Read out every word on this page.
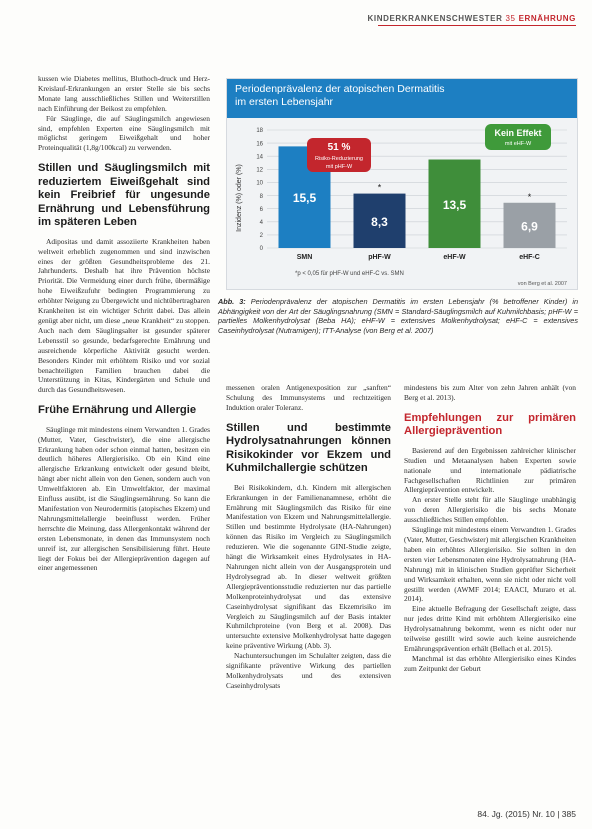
KINDERKRANKENSCHWESTER 35 ERNÄHRUNG

kussen wie Diabetes mellitus, Bluthoch-druck und Herz-Kreislauf-Erkrankungen an erster Stelle sie bis sechs Monate lang ausschließliches Stillen und Weiterstillen nach Einführung der Beikost zu empfehlen.

Für Säuglinge, die auf Säuglingsmilch angewiesen sind, empfehlen Experten eine Säuglingsmilch mit möglichst geringem Eiweißgehalt und hoher Proteinqualität (1,8g/100kcal) zu verwenden.

Stillen und Säuglingsmilch mit reduziertem Eiweißgehalt sind kein Freibrief für ungesunde Ernährung und Lebensführung im späteren Leben

Adipositas und damit assoziierte Krankheiten haben weltweit erheblich zugenommen und sind inzwischen eines der größten Gesundheitsprobleme des 21. Jahrhunderts. Deshalb hat ihre Prävention höchste Priorität. Die Vermeidung einer durch frühe, übermäßige hohe Eiweißzufuhr bedingten Programmierung zu erhöhter Neigung zu Übergewicht und nichtübertragbaren Krankheiten ist ein wichtiger Schritt dabei. Das allein genügt aber nicht, um diese „neue Krankheit“ zu stoppen. Auch nach dem Säuglingsalter ist gesunder späterer Lebensstil so gesunde, bedarfsgerechte Ernährung und ausreichende körperliche Aktivität gesucht werden. Besonders Kinder mit erhöhtem Risiko und vor sozial benachteiligten Familien brauchen dabei die Unterstützung in Kitas, Kindergärten und Schule und durch das Gesundheitswesen.

Frühe Ernährung und Allergie

Säuglinge mit mindestens einem Verwandten 1. Grades (Mutter, Vater, Geschwister), die eine allergische Erkrankung haben oder schon einmal hatten, besitzen ein deutlich höheres Allergierisiko. Ob ein Kind eine allergische Erkrankung entwickelt oder gesund bleibt, hängt aber nicht allein von den Genen, sondern auch von Umweltfaktoren ab. Ein Umweltfaktor, der maximal Einfluss ausübt, ist die Säuglingsernährung. So kann die Manifestation von Neurodermitis (atopisches Ekzem) und Nahrungsmittelallergie beeinflusst werden. Früher herrschte die Meinung, dass Allergenkontakt während der ersten Lebensmonate, in denen das Immunsystem noch unreif ist, zur allergischen Sensibilisierung führt. Heute liegt der Fokus bei der Allergieprävention dagegen auf einer angemessenen

Periodenprävalenz der atopischen Dermatitis
im ersten Lebensjahr
Inzidenz (%) oder (%)
0
2
4
6
8
10
12
14
16
18
15,5
8,3
*
13,5
6,9
*
SMN	pHF-W	eHF-W	eHF-C
51 %
Risiko-Reduzierung
mit pHF-W
Kein Effekt
mit eHF-W
*p < 0,05 für pHF-W und eHF-C vs. SMN
von Berg et al. 2007
Abb. 3: Periodenprävalenz der atopischen Dermatitis im ersten Lebensjahr (% betroffener Kinder) in Abhängigkeit von der Art der Säuglingsnahrung (SMN = Standard-Säuglingsmilch auf Kuhmilchbasis; pHF-W = partielles Molkenhydrolysat (Beba HA); eHF-W = extensives Molkenhydrolysat; eHF-C = extensives Caseinhydrolysat (Nutramigen); ITT-Analyse (von Berg et al. 2007)

messenen oralen Antigenexposition zur „sanften“ Schulung des Immunsystems und rechtzeitigen Induktion oraler Toleranz.

Stillen und bestimmte Hydrolysatnahrungen können Risikokinder vor Ekzem und Kuhmilchallergie schützen

Bei Risikokindern, d.h. Kindern mit allergischen Erkrankungen in der Familienanamnese, erhöht die Ernährung mit Säuglingsmilch das Risiko für eine Manifestation von Ekzem und Nahrungsmittelallergie. Stillen und bestimmte Hydrolysate (HA-Nahrungen) können das Risiko im Vergleich zu Säuglingsmilch reduzieren. Wie die sogenannte GINI-Studie zeigte, hängt die Wirksamkeit eines Hydrolysates in HA-Nahrungen nicht allein von der Ausgangsprotein und Hydrolysegrad ab. In dieser weltweit größten Allergiepräventionsstudie reduzierten nur das partielle Molkenproteinhydrolysat und das extensive Caseinhydrolysat signifikant das Ekzemrisiko im Vergleich zu Säuglingsmilch auf der Basis intakter Kuhmilchproteine (von Berg et al. 2008). Das untersuchte extensive Molkenhydrolysat hatte dagegen keine präventive Wirkung (Abb. 3).

Nachuntersuchungen im Schulalter zeigten, dass die signifikante präventive Wirkung des partiellen Molkenhydrolysats und des extensiven Caseinhydrolysats

mindestens bis zum Alter von zehn Jahren anhält (von Berg et al. 2013).

Empfehlungen zur primären Allergieprävention

Basierend auf den Ergebnissen zahlreicher klinischer Studien und Metaanalysen haben Experten sowie nationale und internationale pädiatrische Fachgesellschaften Richtlinien zur primären Allergieprävention entwickelt.

An erster Stelle steht für alle Säuglinge unabhängig von deren Allergierisiko die bis sechs Monate ausschließliches Stillen empfohlen.

Säuglinge mit mindestens einem Verwandten 1. Grades (Vater, Mutter, Geschwister) mit allergischen Krankheiten haben ein erhöhtes Allergierisiko. Sie sollten in den ersten vier Lebensmonaten eine Hydrolysatnahrung (HA-Nahrung) mit in klinischen Studien geprüfter Sicherheit und Wirksamkeit erhalten, wenn sie nicht oder nicht voll gestillt werden (AWMF 2014; EAACI, Muraro et al. 2014).

Eine aktuelle Befragung der Gesellschaft zeigte, dass nur jedes dritte Kind mit erhöhtem Allergierisiko eine Hydrolysatnahrung bekommt, wenn es nicht oder nur teilweise gestillt wird sowie auch keine ausreichende Ernährungsprävention erhält (Bellach et al. 2015).

Manchmal ist das erhöhte Allergierisiko eines Kindes zum Zeitpunkt der Geburt

84. Jg. (2015) Nr. 10 | 385
